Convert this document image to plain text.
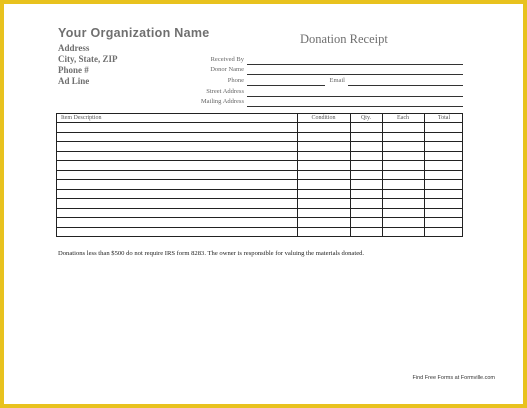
Your Organization Name
Address
City, State, ZIP
Phone #
Ad Line
Donation Receipt
Received By
Donor Name
Phone	Email
Street Address
Mailing Address
Item Description	Condition	Qty.	Each	Total
Donations less than $500 do not require IRS form 8283. The owner is responsible for valuing the materials donated.
Find Free Forms at Formville.com
